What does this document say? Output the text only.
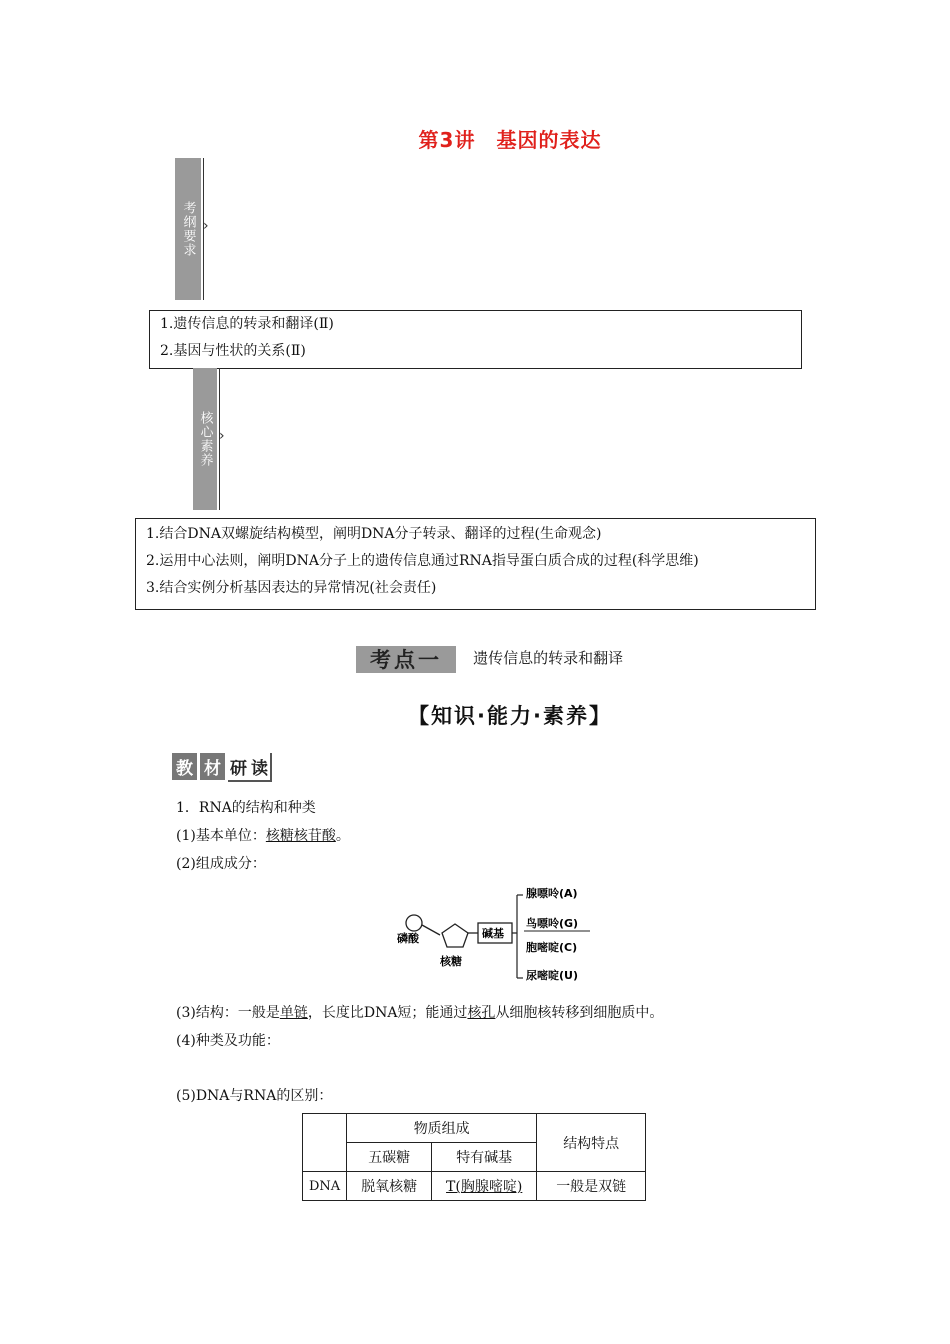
第3讲　基因的表达
考纲要求 ›
1.遗传信息的转录和翻译(Ⅱ)
2.基因与性状的关系(Ⅱ)
核心素养 ›
1.结合DNA双螺旋结构模型，阐明DNA分子转录、翻译的过程(生命观念)
2.运用中心法则，阐明DNA分子上的遗传信息通过RNA指导蛋白质合成的过程(科学思维)
3.结合实例分析基因表达的异常情况(社会责任)
考点一 遗传信息的转录和翻译
【知识·能力·素养】
教 材 研 读
1．RNA的结构和种类
(1)基本单位：核糖核苷酸。
(2)组成成分：
磷酸
核糖
碱基
腺嘌呤(A)
鸟嘌呤(G)
胞嘧啶(C)
尿嘧啶(U)
(3)结构：一般是单链，长度比DNA短；能通过核孔从细胞核转移到细胞质中。
(4)种类及功能：
(5)DNA与RNA的区别：
	物质组成		结构特点
	五碳糖	特有碱基	
DNA	脱氧核糖	T(胸腺嘧啶)	一般是双链
